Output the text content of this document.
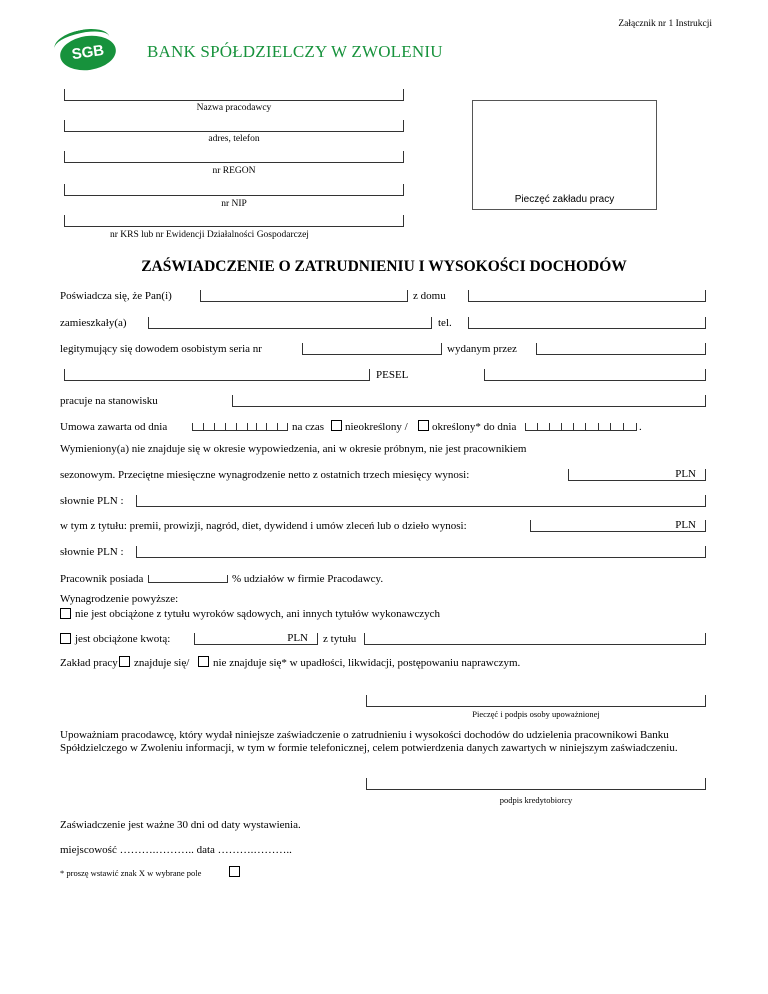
Załącznik nr 1 Instrukcji
SGB	BANK SPÓŁDZIELCZY W ZWOLENIU
Nazwa pracodawcy
adres, telefon
nr REGON
nr NIP
nr KRS lub nr Ewidencji Działalności Gospodarczej
Pieczęć zakładu pracy
ZAŚWIADCZENIE O ZATRUDNIENIU I WYSOKOŚCI DOCHODÓW
Poświadcza się, że Pan(i)	z domu
zamieszkały(a)	tel.
legitymujący się dowodem osobistym seria nr	wydanym przez
PESEL
pracuje na stanowisku
Umowa zawarta od dnia	na czas nieokreślony / określony* do dnia	.
Wymieniony(a) nie znajduje się w okresie wypowiedzenia, ani w okresie próbnym, nie jest pracownikiem
sezonowym. Przeciętne miesięczne wynagrodzenie netto z ostatnich trzech miesięcy wynosi:	PLN
słownie PLN :
w tym z tytułu: premii, prowizji, nagród, diet, dywidend i umów zleceń lub o dzieło wynosi:	PLN
słownie PLN :
Pracownik posiada	% udziałów w firmie Pracodawcy.
Wynagrodzenie powyższe:
nie jest obciążone z tytułu wyroków sądowych, ani innych tytułów wykonawczych
jest obciążone kwotą:	PLN z tytułu
Zakład pracy znajduje się/ nie znajduje się* w upadłości, likwidacji, postępowaniu naprawczym.
Pieczęć i podpis osoby upoważnionej
Upoważniam pracodawcę, który wydał niniejsze zaświadczenie o zatrudnieniu i wysokości dochodów do udzielenia pracownikowi Banku
Spółdzielczego w Zwoleniu informacji, w tym w formie telefonicznej, celem potwierdzenia danych zawartych w niniejszym zaświadczeniu.
podpis kredytobiorcy
Zaświadczenie jest ważne 30 dni od daty wystawienia.
miejscowość ……….……….. data ……….………..
* proszę wstawić znak X w wybrane pole
